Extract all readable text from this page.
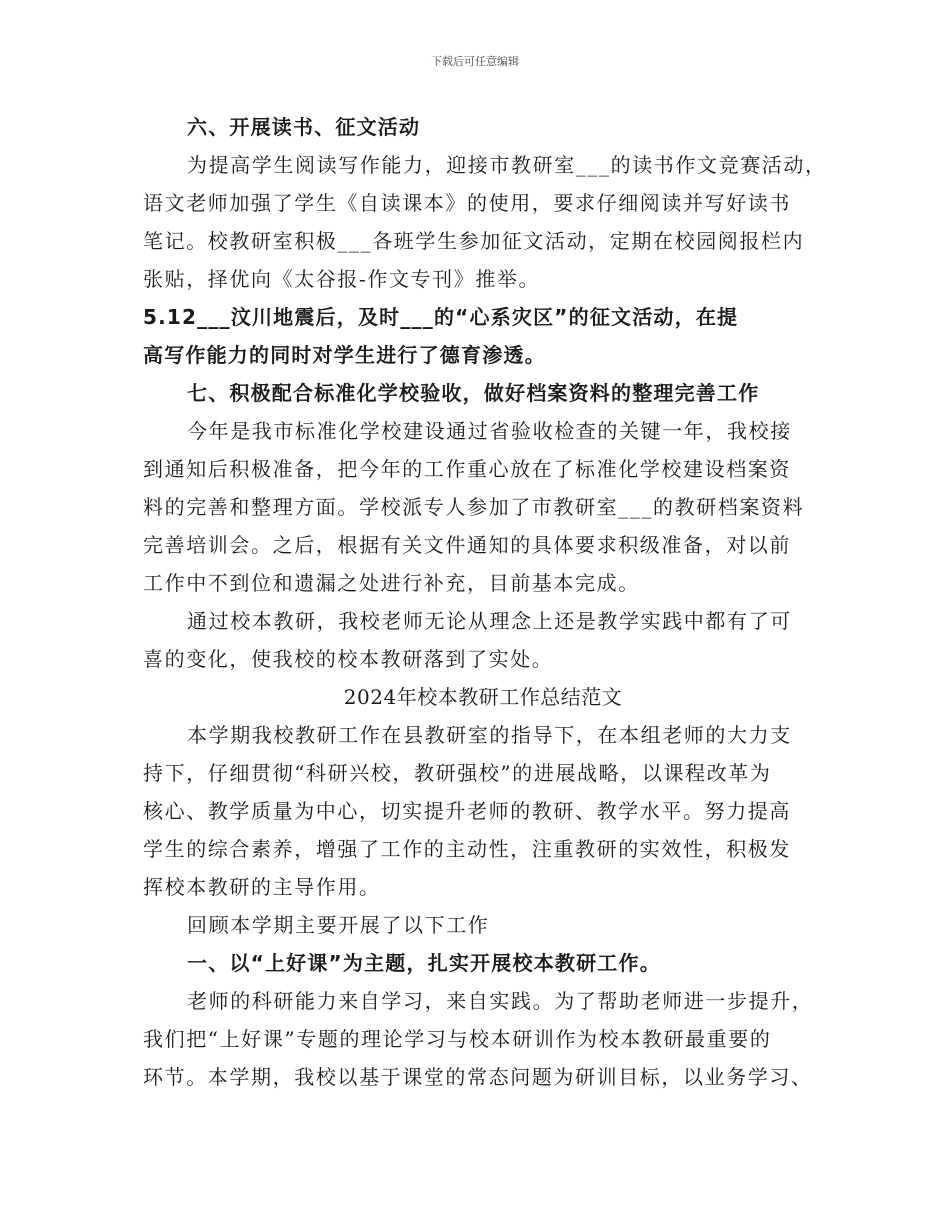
下载后可任意编辑
六、开展读书、征文活动
为提高学生阅读写作能力，迎接市教研室___的读书作文竞赛活动，
语文老师加强了学生《自读课本》的使用，要求仔细阅读并写好读书
笔记。校教研室积极___各班学生参加征文活动，定期在校园阅报栏内
张贴，择优向《太谷报-作文专刊》推举。
5.12___汶川地震后，及时___的“心系灾区”的征文活动，在提
高写作能力的同时对学生进行了德育渗透。
七、积极配合标准化学校验收，做好档案资料的整理完善工作
今年是我市标准化学校建设通过省验收检查的关键一年，我校接
到通知后积极准备，把今年的工作重心放在了标准化学校建设档案资
料的完善和整理方面。学校派专人参加了市教研室___的教研档案资料
完善培训会。之后，根据有关文件通知的具体要求积级准备，对以前
工作中不到位和遗漏之处进行补充，目前基本完成。
通过校本教研，我校老师无论从理念上还是教学实践中都有了可
喜的变化，使我校的校本教研落到了实处。
2024年校本教研工作总结范文
本学期我校教研工作在县教研室的指导下，在本组老师的大力支
持下，仔细贯彻“科研兴校，教研强校”的进展战略，以课程改革为
核心、教学质量为中心，切实提升老师的教研、教学水平。努力提高
学生的综合素养，增强了工作的主动性，注重教研的实效性，积极发
挥校本教研的主导作用。
回顾本学期主要开展了以下工作
一、以“上好课”为主题，扎实开展校本教研工作。
老师的科研能力来自学习，来自实践。为了帮助老师进一步提升，
我们把“上好课”专题的理论学习与校本研训作为校本教研最重要的
环节。本学期，我校以基于课堂的常态问题为研训目标，以业务学习、
